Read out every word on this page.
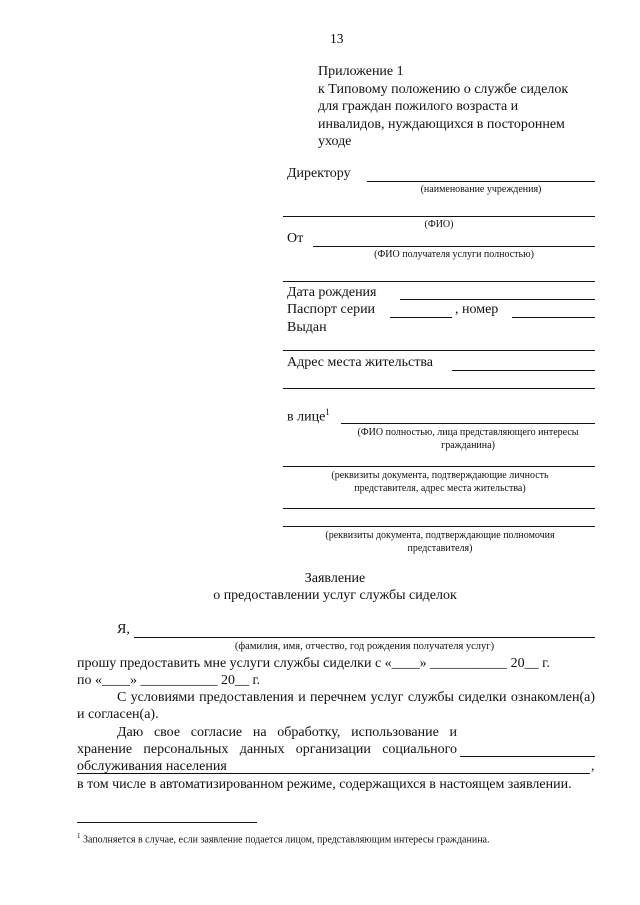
13
Приложение 1
к Типовому положению о службе сиделок
для граждан пожилого возраста и
инвалидов, нуждающихся в постороннем
уходе
Директору
(наименование учреждения)
(ФИО)
От
(ФИО получателя услуги полностью)
Дата рождения
Паспорт серии	, номер
Выдан
Адрес места жительства
в лице$^1$
(ФИО полностью, лица представляющего интересы гражданина)
(реквизиты документа, подтверждающие личность представителя, адрес места жительства)
(реквизиты документа, подтверждающие полномочия представителя)
Заявление
о предоставлении услуг службы сиделок
Я,
(фамилия, имя, отчество, год рождения получателя услуг)
прошу предоставить мне услуги службы сиделки с «____» ___________ 20__ г.
по «____» ___________ 20__ г.
С условиями предоставления и перечнем услуг службы сиделки ознакомлен(а) и согласен(а).
Даю свое согласие на обработку, использование и хранение персональных данных организации социального обслуживания населения	,
в том числе в автоматизированном режиме, содержащихся в настоящем заявлении.
$^1$ Заполняется в случае, если заявление подается лицом, представляющим интересы гражданина.
